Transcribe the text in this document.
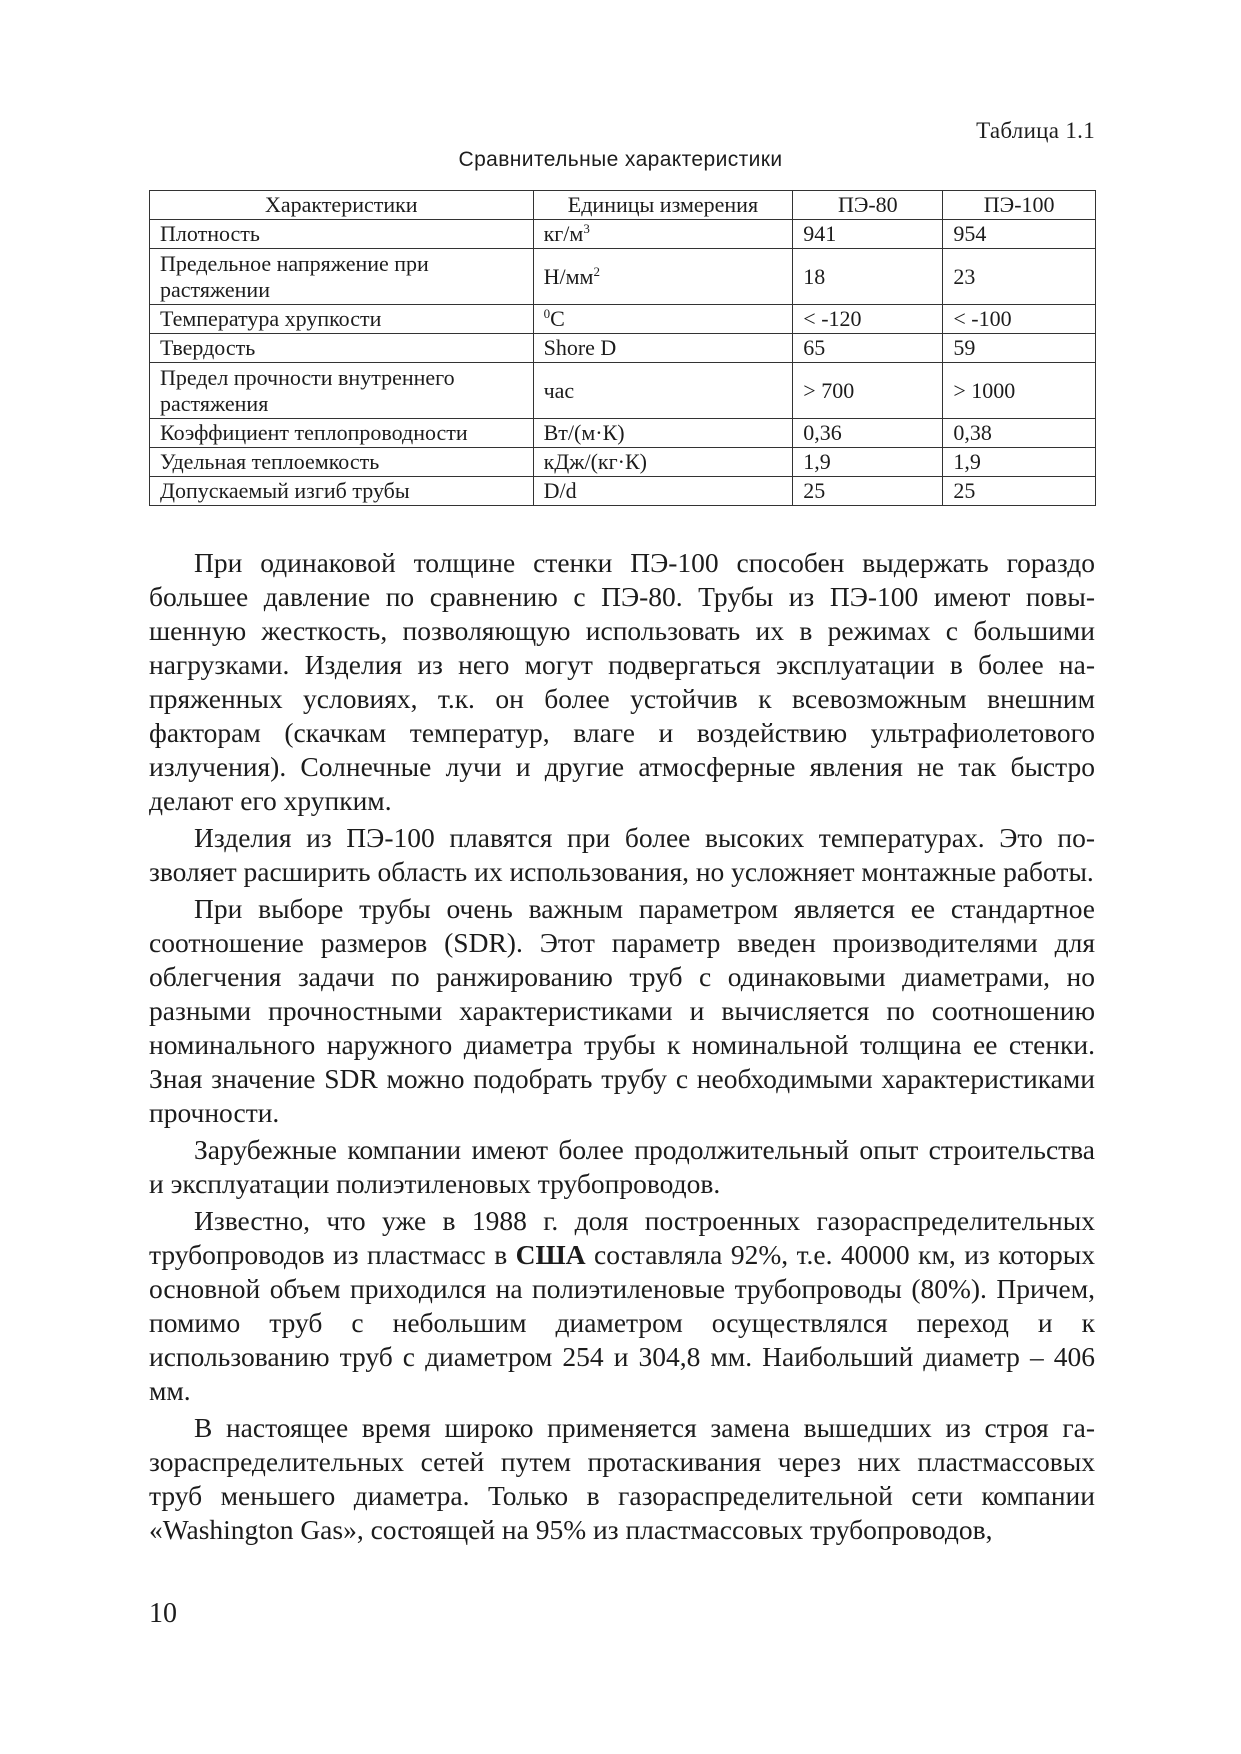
Таблица 1.1
Сравнительные характеристики
Характеристики	Единицы измерения	ПЭ-80	ПЭ-100
Плотность	$кг/м^3$	941	954
Предельное напряжение при растяжении	$Н/мм^2$	18	23
Температура хрупкости	$^0$C	< -120	< -100
Твердость	Shore D	65	59
Предел прочности внутреннего растяжения	час	> 700	> 1000
Коэффициент теплопроводности	Вт/(м·К)	0,36	0,38
Удельная теплоемкость	кДж/(кг·К)	1,9	1,9
Допускаемый изгиб трубы	D/d	25	25

При одинаковой толщине стенки ПЭ-100 способен выдержать гораздо большее давление по сравнению с ПЭ-80. Трубы из ПЭ-100 имеют повышенную жесткость, позволяющую использовать их в режимах с большими нагрузками. Изделия из него могут подвергаться эксплуатации в более напряженных условиях, т.к. он более устойчив к всевозможным внешним факторам (скачкам температур, влаге и воздействию ультрафиолетового излучения). Солнечные лучи и другие атмосферные явления не так быстро делают его хрупким.

Изделия из ПЭ-100 плавятся при более высоких температурах. Это позволяет расширить область их использования, но усложняет монтажные работы.

При выборе трубы очень важным параметром является ее стандартное соотношение размеров (SDR). Этот параметр введен производителями для облегчения задачи по ранжированию труб с одинаковыми диаметрами, но разными прочностными характеристиками и вычисляется по соотношению номинального наружного диаметра трубы к номинальной толщина ее стенки. Зная значение SDR можно подобрать трубу с необходимыми характеристиками прочности.

Зарубежные компании имеют более продолжительный опыт строительства и эксплуатации полиэтиленовых трубопроводов.

Известно, что уже в 1988 г. доля построенных газораспределительных трубопроводов из пластмасс в США составляла 92%, т.е. 40000 км, из которых основной объем приходился на полиэтиленовые трубопроводы (80%). Причем, помимо труб с небольшим диаметром осуществлялся переход и к использованию труб с диаметром 254 и 304,8 мм. Наибольший диаметр – 406 мм.

В настоящее время широко применяется замена вышедших из строя газораспределительных сетей путем протаскивания через них пластмассовых труб меньшего диаметра. Только в газораспределительной сети компании «Washington Gas», состоящей на 95% из пластмассовых трубопроводов,

10
